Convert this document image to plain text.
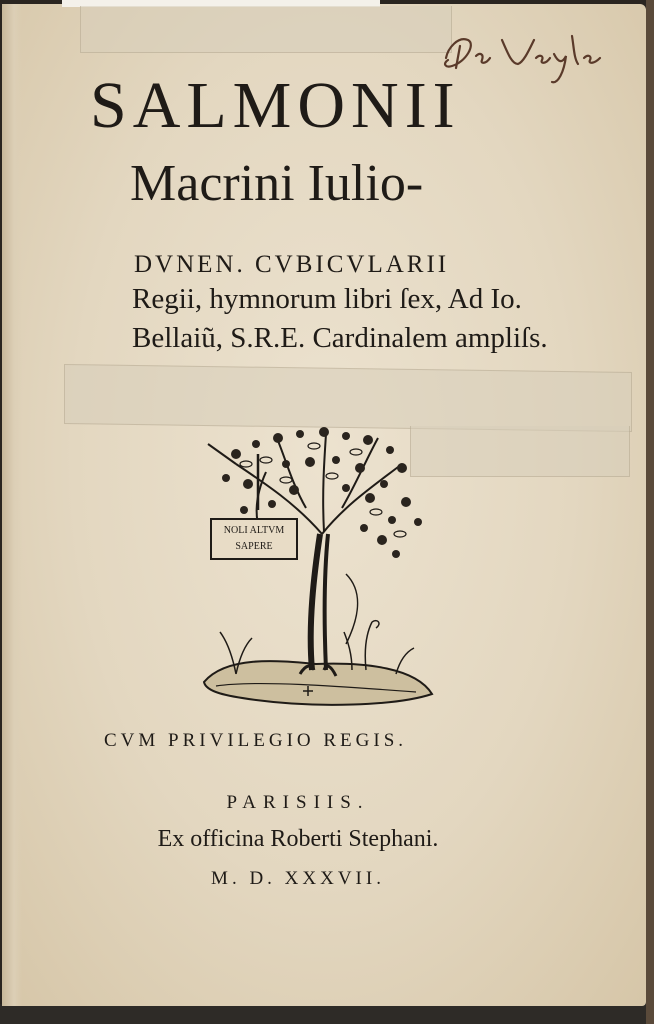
SALMONII
Macrini Iulio-
DVNEN. CVBICVLARII
Regii, hymnorum libri ſex, Ad Io.
Bellaiũ, S.R.E. Cardinalem ampliſs.
NOLI ALTVM
SAPERE
CVM PRIVILEGIO REGIS.
PARISIIS.
Ex officina Roberti Stephani.
M. D. XXXVII.
